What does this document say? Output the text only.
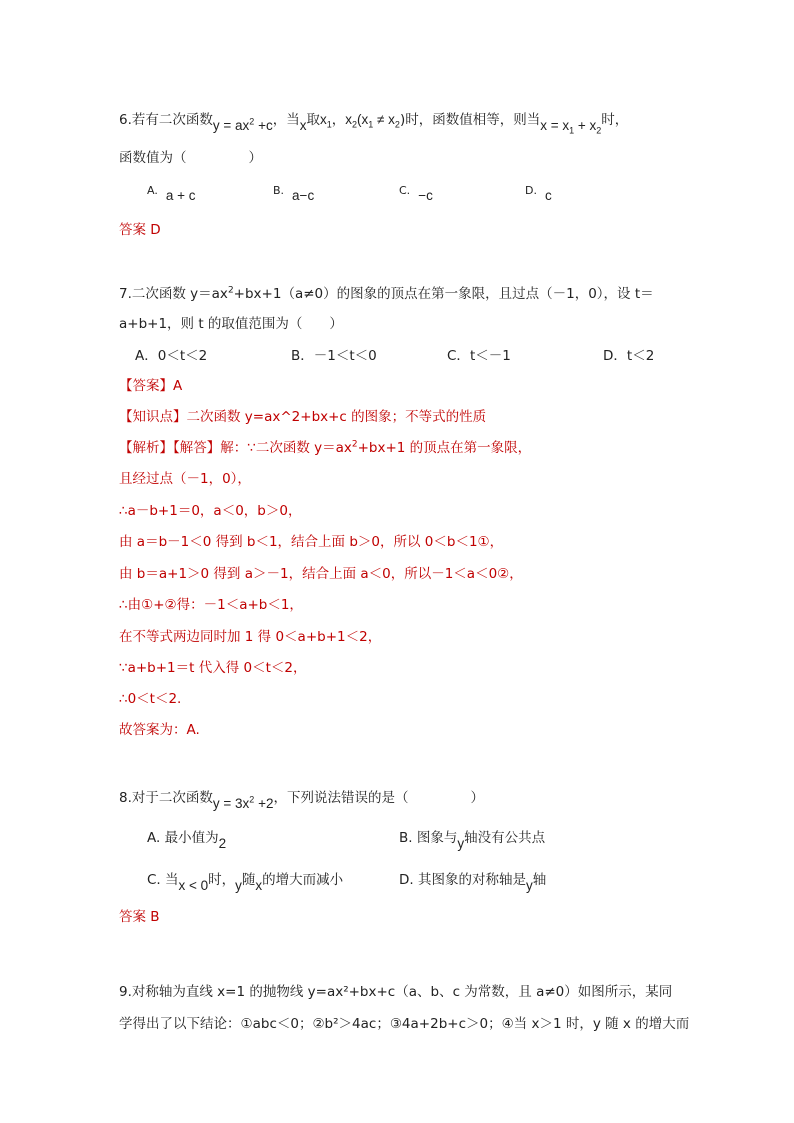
6.若有二次函数$y = ax^2 +c$，当x取$x_1$，$x_2(x_1 \ne x_2)$时，函数值相等，则当$x = x_1 + x_2$时，
函数值为（	）
$^{A.}$ a + c	$^{B.}$ a−c	$^{C.}$ −c	$^{D.}$ c
答案 D
7.二次函数 $y=ax^2+bx+1(a\ne 0)$的图象的顶点在第一象限，且过点（－1，0），设 t＝
a+b+1，则 t 的取值范围为（　　）
A．0＜t＜2	B．－1＜t＜0	C．t＜－1	D．t＜2
【答案】A
【知识点】二次函数 y=ax^2+bx+c 的图象；不等式的性质
【解析】【解答】解：∵二次函数 $y=ax^2+bx+1$ 的顶点在第一象限，
且经过点（－1，0），
∴a－b+1＝0，a＜0，b＞0，
由 a＝b－1＜0 得到 b＜1，结合上面 b＞0，所以 0＜b＜1①，
由 b＝a+1＞0 得到 a＞－1，结合上面 a＜0，所以－1＜a＜0②，
∴由①+②得：－1＜a+b＜1，
在不等式两边同时加 1 得 0＜a+b+1＜2，
∵a+b+1＝t 代入得 0＜t＜2，
∴0＜t＜2.
故答案为：A.
8.对于二次函数$y = 3x^2 +2$，下列说法错误的是（	）
A. 最小值为2	B. 图象与y轴没有公共点
C. 当x < 0时，y随x的增大而减小	D. 其图象的对称轴是y轴
答案 B
9.对称轴为直线 x=1 的抛物线 y=ax²+bx+c（a、b、c 为常数，且 a≠0）如图所示，某同
学得出了以下结论：①abc＜0；②b²＞4ac；③4a+2b+c＞0；④当 x＞1 时，y 随 x 的增大而
